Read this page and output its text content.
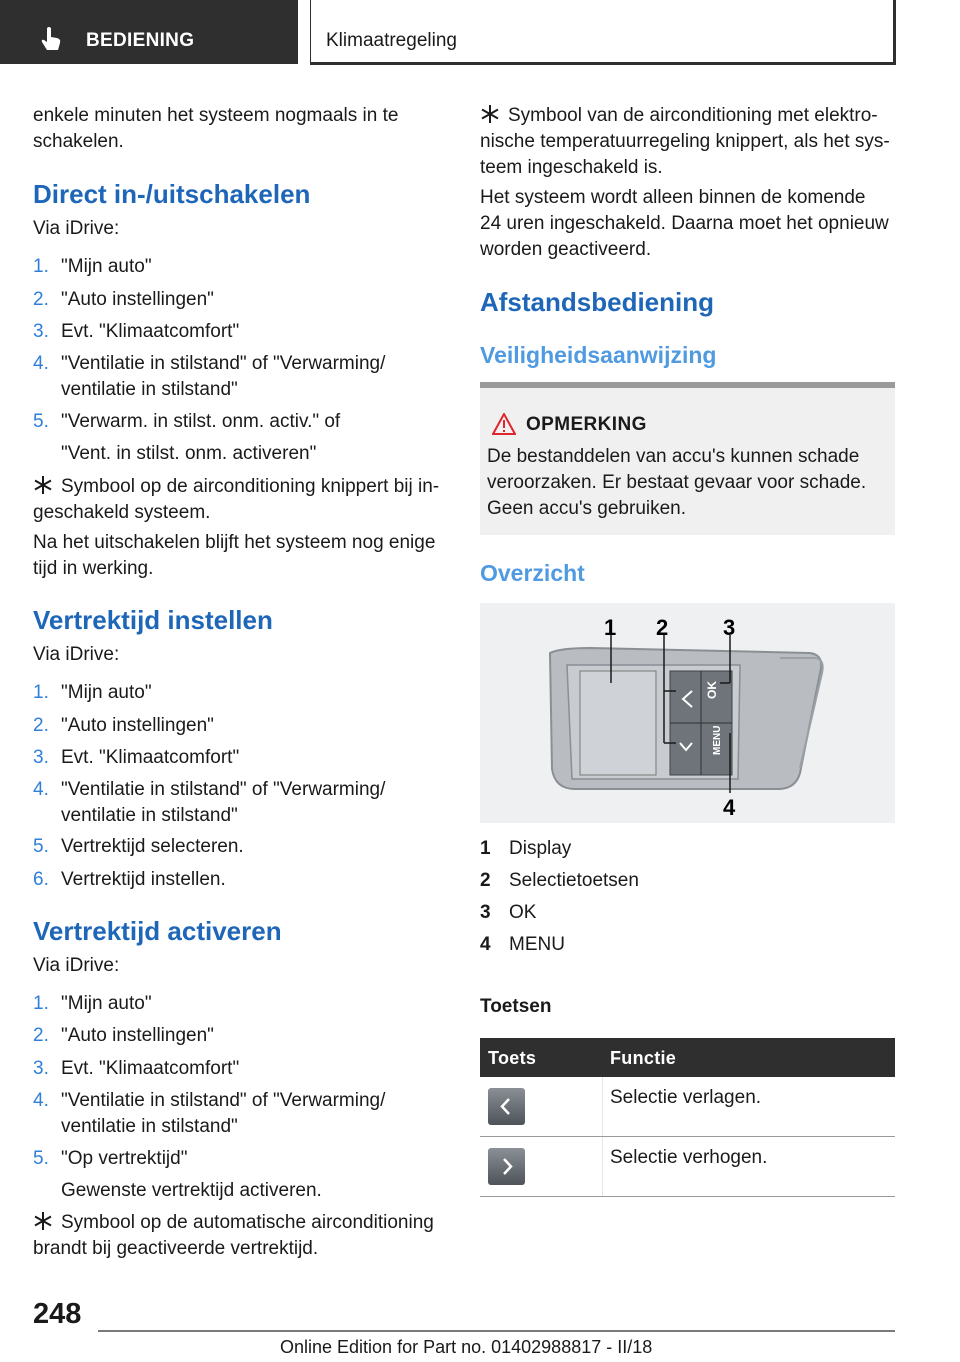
BEDIENING	Klimaatregeling

enkele minuten het systeem nogmaals in te

schakelen.

Direct in-/uitschakelen

Via iDrive:

1. "Mijn auto"
2. "Auto instellingen"
3. Evt. "Klimaatcomfort"
4. "Ventilatie in stilstand" of "Verwarming/
ventilatie in stilstand"
5. "Verwarm. in stilst. onm. activ." of
"Vent. in stilst. onm. activeren"

Symbool op de airconditioning knippert bij in-

geschakeld systeem.

Na het uitschakelen blijft het systeem nog enige

tijd in werking.

Vertrektijd instellen

Via iDrive:

1. "Mijn auto"
2. "Auto instellingen"
3. Evt. "Klimaatcomfort"
4. "Ventilatie in stilstand" of "Verwarming/
ventilatie in stilstand"
5. Vertrektijd selecteren.
6. Vertrektijd instellen.
Vertrektijd activeren

Via iDrive:

1. "Mijn auto"
2. "Auto instellingen"
3. Evt. "Klimaatcomfort"
4. "Ventilatie in stilstand" of "Verwarming/
ventilatie in stilstand"
5. "Op vertrektijd"
Gewenste vertrektijd activeren.

Symbool op de automatische airconditioning

brandt bij geactiveerde vertrektijd.

Symbool van de airconditioning met elektro-

nische temperatuurregeling knippert, als het sys-

teem ingeschakeld is.

Het systeem wordt alleen binnen de komende

24 uren ingeschakeld. Daarna moet het opnieuw

worden geactiveerd.

Afstandsbediening
Veiligheidsaanwijzing
OPMERKING
De bestanddelen van accu's kunnen schade
veroorzaken. Er bestaat gevaar voor schade.
Geen accu's gebruiken.
Overzicht
OK
MENU
1 2 3
4
1 Display
2 Selectietoetsen
3 OK
4 MENU
Toetsen
Toets	Functie
Selectie verlagen.
Selectie verhogen.
248
Online Edition for Part no. 01402988817 - II/18
